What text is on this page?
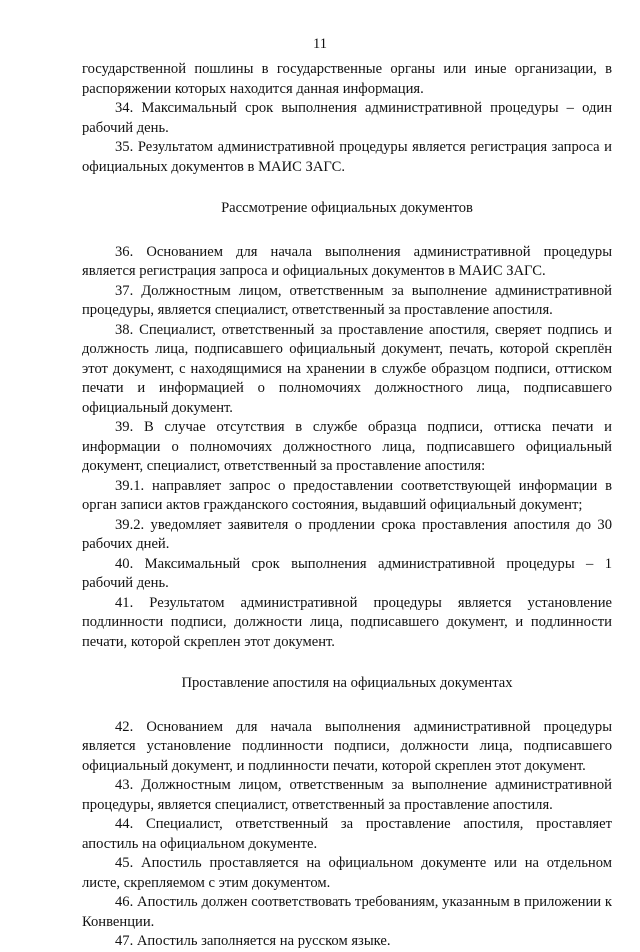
11

государственной пошлины в государственные органы или иные организации, в распоряжении которых находится данная информация.

34. Максимальный срок выполнения административной процедуры – один рабочий день.

35. Результатом административной процедуры является регистрация запроса и официальных документов в МАИС ЗАГС.

Рассмотрение официальных документов

36. Основанием для начала выполнения административной процедуры является регистрация запроса и официальных документов в МАИС ЗАГС.

37. Должностным лицом, ответственным за выполнение административной процедуры, является специалист, ответственный за проставление апостиля.

38. Специалист, ответственный за проставление апостиля, сверяет подпись и должность лица, подписавшего официальный документ, печать, которой скреплён этот документ, с находящимися на хранении в службе образцом подписи, оттиском печати и информацией о полномочиях должностного лица, подписавшего официальный документ.

39. В случае отсутствия в службе образца подписи, оттиска печати и информации о полномочиях должностного лица, подписавшего официальный документ, специалист, ответственный за проставление апостиля:

39.1. направляет запрос о предоставлении соответствующей информации в орган записи актов гражданского состояния, выдавший официальный документ;

39.2. уведомляет заявителя о продлении срока проставления апостиля до 30 рабочих дней.

40. Максимальный срок выполнения административной процедуры – 1 рабочий день.

41. Результатом административной процедуры является установление подлинности подписи, должности лица, подписавшего документ, и подлинности печати, которой скреплен этот документ.

Проставление апостиля на официальных документах

42. Основанием для начала выполнения административной процедуры является установление подлинности подписи, должности лица, подписавшего официальный документ, и подлинности печати, которой скреплен этот документ.

43. Должностным лицом, ответственным за выполнение административной процедуры, является специалист, ответственный за проставление апостиля.

44. Специалист, ответственный за проставление апостиля, проставляет апостиль на официальном документе.

45. Апостиль проставляется на официальном документе или на отдельном листе, скрепляемом с этим документом.

46. Апостиль должен соответствовать требованиям, указанным в приложении к Конвенции.

47. Апостиль заполняется на русском языке.
